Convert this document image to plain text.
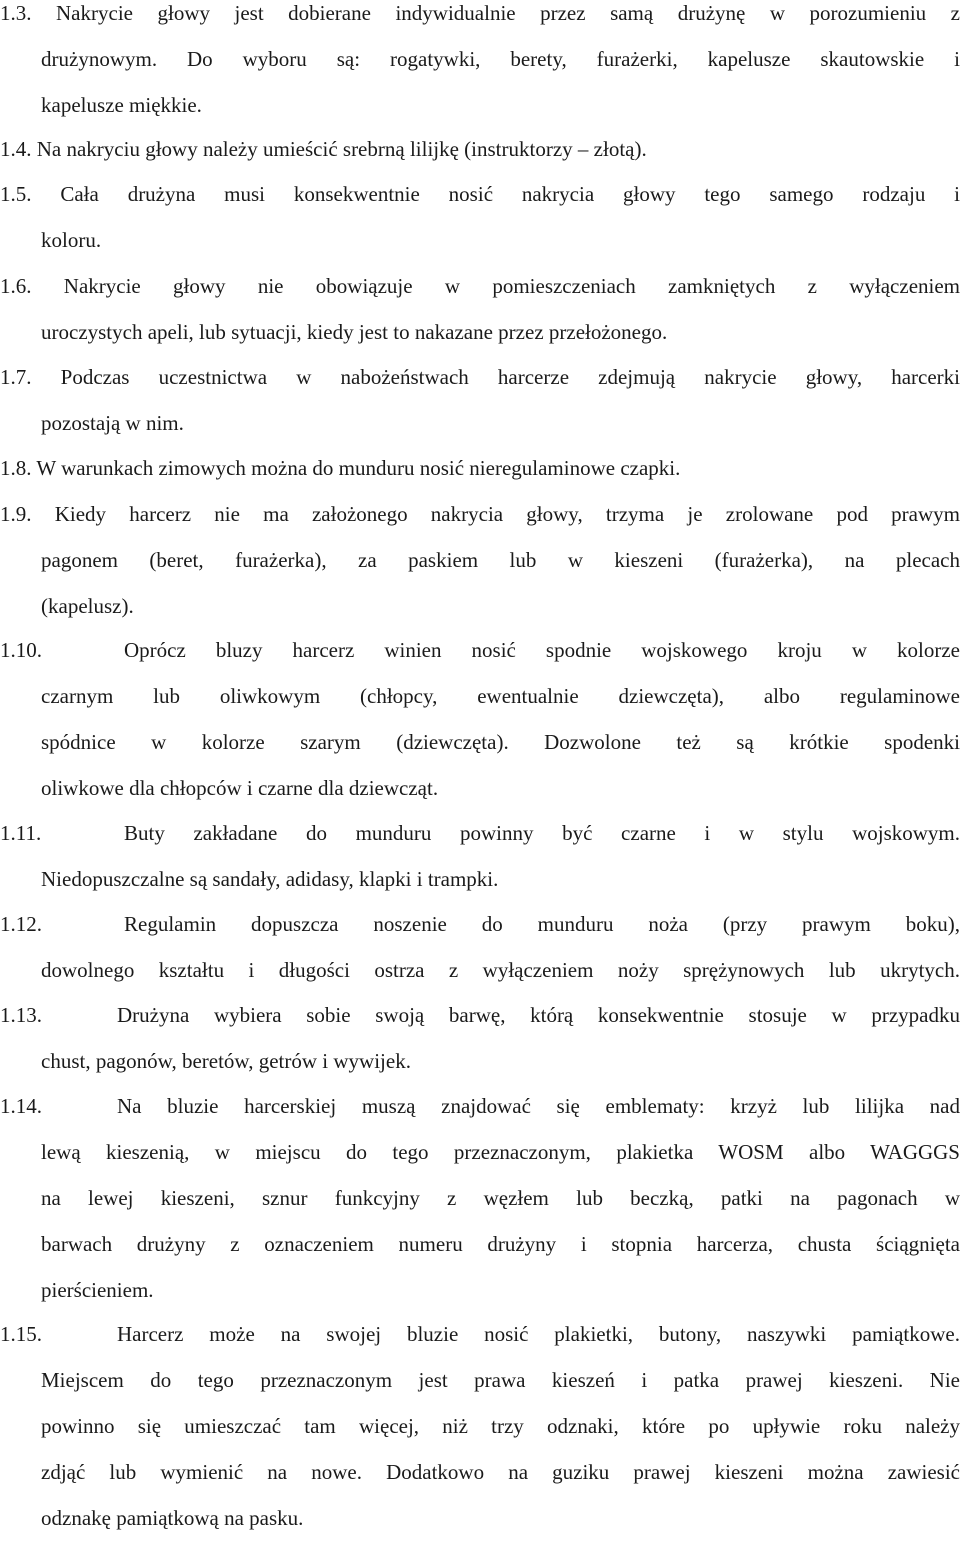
1.3. Nakrycie głowy jest dobierane indywidualnie przez samą drużynę w porozumieniu z
drużynowym. Do wyboru są: rogatywki, berety, furażerki, kapelusze skautowskie i
kapelusze miękkie.
1.4. Na nakryciu głowy należy umieścić srebrną lilijkę (instruktorzy – złotą).
1.5. Cała drużyna musi konsekwentnie nosić nakrycia głowy tego samego rodzaju i
koloru.
1.6. Nakrycie głowy nie obowiązuje w pomieszczeniach zamkniętych z wyłączeniem
uroczystych apeli, lub sytuacji, kiedy jest to nakazane przez przełożonego.
1.7. Podczas uczestnictwa w nabożeństwach harcerze zdejmują nakrycie głowy, harcerki
pozostają w nim.
1.8. W warunkach zimowych można do munduru nosić nieregulaminowe czapki.
1.9. Kiedy harcerz nie ma założonego nakrycia głowy, trzyma je zrolowane pod prawym
pagonem (beret, furażerka), za paskiem lub w kieszeni (furażerka), na plecach
(kapelusz).
1.10.	Oprócz bluzy harcerz winien nosić spodnie wojskowego kroju w kolorze
czarnym lub oliwkowym (chłopcy, ewentualnie dziewczęta), albo regulaminowe
spódnice w kolorze szarym (dziewczęta). Dozwolone też są krótkie spodenki
oliwkowe dla chłopców i czarne dla dziewcząt.
1.11.	Buty zakładane do munduru powinny być czarne i w stylu wojskowym.
Niedopuszczalne są sandały, adidasy, klapki i trampki.
1.12.	Regulamin dopuszcza noszenie do munduru noża (przy prawym boku),
dowolnego kształtu i długości ostrza z wyłączeniem noży sprężynowych lub ukrytych.
1.13.	Drużyna wybiera sobie swoją barwę, którą konsekwentnie stosuje w przypadku
chust, pagonów, beretów, getrów i wywijek.
1.14.	Na bluzie harcerskiej muszą znajdować się emblematy: krzyż lub lilijka nad
lewą kieszenią, w miejscu do tego przeznaczonym, plakietka WOSM albo WAGGGS
na lewej kieszeni, sznur funkcyjny z węzłem lub beczką, patki na pagonach w
barwach drużyny z oznaczeniem numeru drużyny i stopnia harcerza, chusta ściągnięta
pierścieniem.
1.15.	Harcerz może na swojej bluzie nosić plakietki, butony, naszywki pamiątkowe.
Miejscem do tego przeznaczonym jest prawa kieszeń i patka prawej kieszeni. Nie
powinno się umieszczać tam więcej, niż trzy odznaki, które po upływie roku należy
zdjąć lub wymienić na nowe. Dodatkowo na guziku prawej kieszeni można zawiesić
odznakę pamiątkową na pasku.
